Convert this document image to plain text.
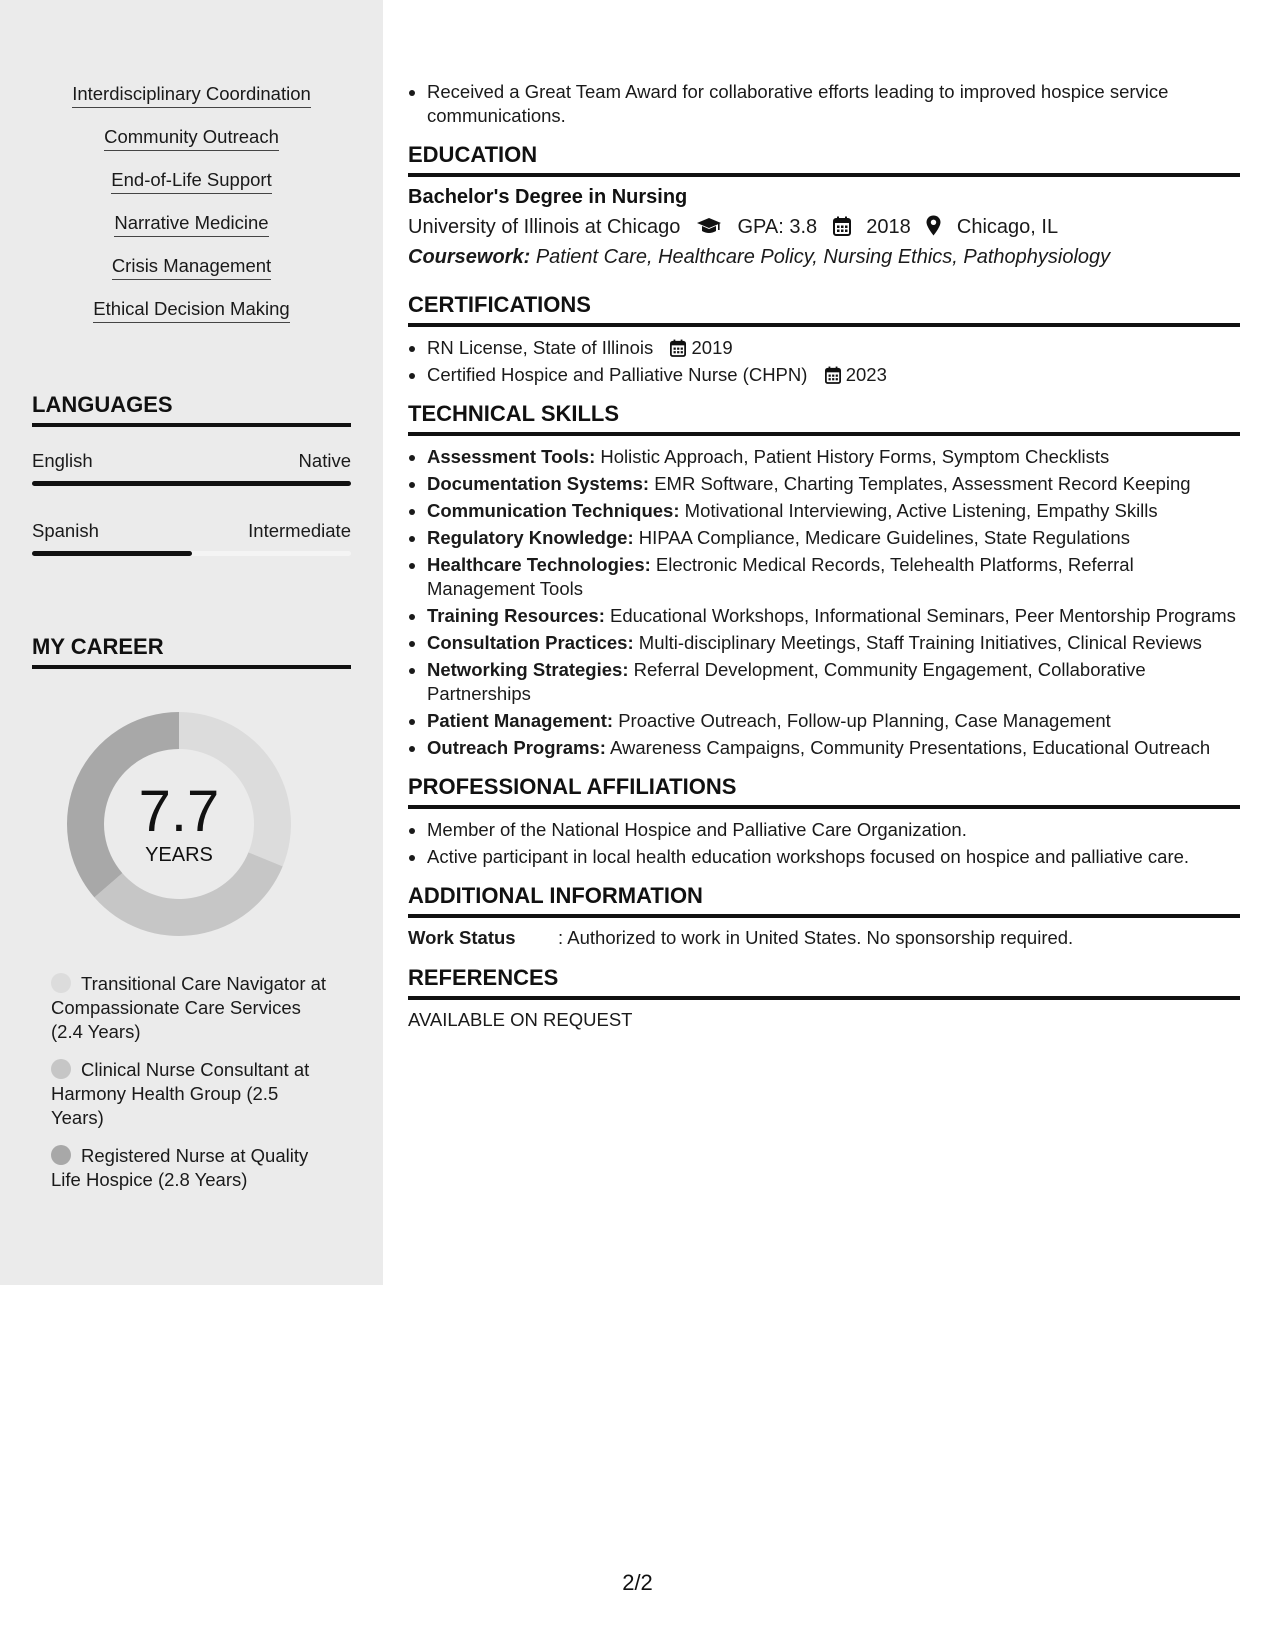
Interdisciplinary Coordination
Community Outreach
End-of-Life Support
Narrative Medicine
Crisis Management
Ethical Decision Making
LANGUAGES
English	Native
Spanish	Intermediate
MY CAREER
7.7
YEARS
Transitional Care Navigator at Compassionate Care Services (2.4 Years)
Clinical Nurse Consultant at Harmony Health Group (2.5 Years)
Registered Nurse at Quality Life Hospice (2.8 Years)
• Received a Great Team Award for collaborative efforts leading to improved hospice service communications.
EDUCATION
Bachelor's Degree in Nursing
University of Illinois at Chicago	GPA: 3.8 2018 Chicago, IL
Coursework: Patient Care, Healthcare Policy, Nursing Ethics, Pathophysiology
CERTIFICATIONS
• RN License, State of Illinois 2019
• Certified Hospice and Palliative Nurse (CHPN) 2023
TECHNICAL SKILLS
• Assessment Tools: Holistic Approach, Patient History Forms, Symptom Checklists
• Documentation Systems: EMR Software, Charting Templates, Assessment Record Keeping
• Communication Techniques: Motivational Interviewing, Active Listening, Empathy Skills
• Regulatory Knowledge: HIPAA Compliance, Medicare Guidelines, State Regulations
• Healthcare Technologies: Electronic Medical Records, Telehealth Platforms, Referral Management Tools
• Training Resources: Educational Workshops, Informational Seminars, Peer Mentorship Programs
• Consultation Practices: Multi-disciplinary Meetings, Staff Training Initiatives, Clinical Reviews
• Networking Strategies: Referral Development, Community Engagement, Collaborative Partnerships
• Patient Management: Proactive Outreach, Follow-up Planning, Case Management
• Outreach Programs: Awareness Campaigns, Community Presentations, Educational Outreach
PROFESSIONAL AFFILIATIONS
• Member of the National Hospice and Palliative Care Organization.
• Active participant in local health education workshops focused on hospice and palliative care.
ADDITIONAL INFORMATION
Work Status : Authorized to work in United States. No sponsorship required.
REFERENCES
AVAILABLE ON REQUEST
2/2
